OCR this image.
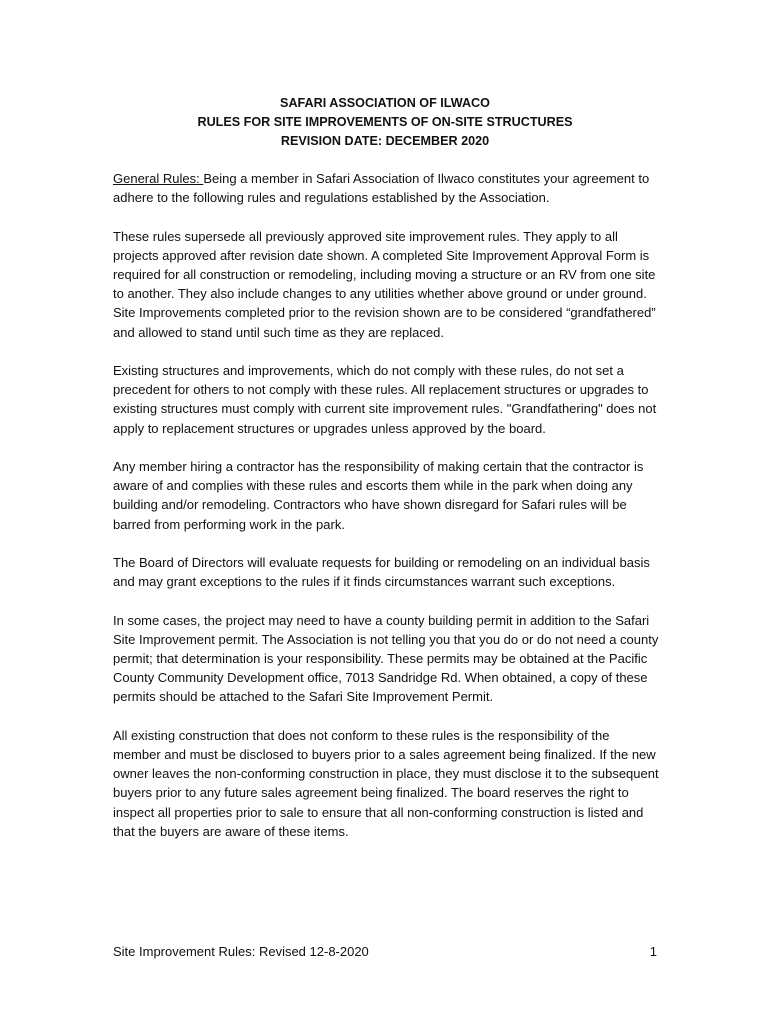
SAFARI ASSOCIATION OF ILWACO
RULES FOR SITE IMPROVEMENTS OF ON-SITE STRUCTURES
REVISION DATE: DECEMBER 2020

General Rules: Being a member in Safari Association of Ilwaco constitutes your agreement to adhere to the following rules and regulations established by the Association.

These rules supersede all previously approved site improvement rules. They apply to all projects approved after revision date shown. A completed Site Improvement Approval Form is required for all construction or remodeling, including moving a structure or an RV from one site to another. They also include changes to any utilities whether above ground or under ground. Site Improvements completed prior to the revision shown are to be considered “grandfathered” and allowed to stand until such time as they are replaced.

Existing structures and improvements, which do not comply with these rules, do not set a precedent for others to not comply with these rules. All replacement structures or upgrades to existing structures must comply with current site improvement rules. "Grandfathering" does not apply to replacement structures or upgrades unless approved by the board.

Any member hiring a contractor has the responsibility of making certain that the contractor is aware of and complies with these rules and escorts them while in the park when doing any building and/or remodeling. Contractors who have shown disregard for Safari rules will be barred from performing work in the park.

The Board of Directors will evaluate requests for building or remodeling on an individual basis and may grant exceptions to the rules if it finds circumstances warrant such exceptions.

In some cases, the project may need to have a county building permit in addition to the Safari Site Improvement permit. The Association is not telling you that you do or do not need a county permit; that determination is your responsibility. These permits may be obtained at the Pacific County Community Development office, 7013 Sandridge Rd. When obtained, a copy of these permits should be attached to the Safari Site Improvement Permit.

All existing construction that does not conform to these rules is the responsibility of the member and must be disclosed to buyers prior to a sales agreement being finalized. If the new owner leaves the non-conforming construction in place, they must disclose it to the subsequent buyers prior to any future sales agreement being finalized. The board reserves the right to inspect all properties prior to sale to ensure that all non-conforming construction is listed and that the buyers are aware of these items.

Site Improvement Rules: Revised 12-8-2020	1
